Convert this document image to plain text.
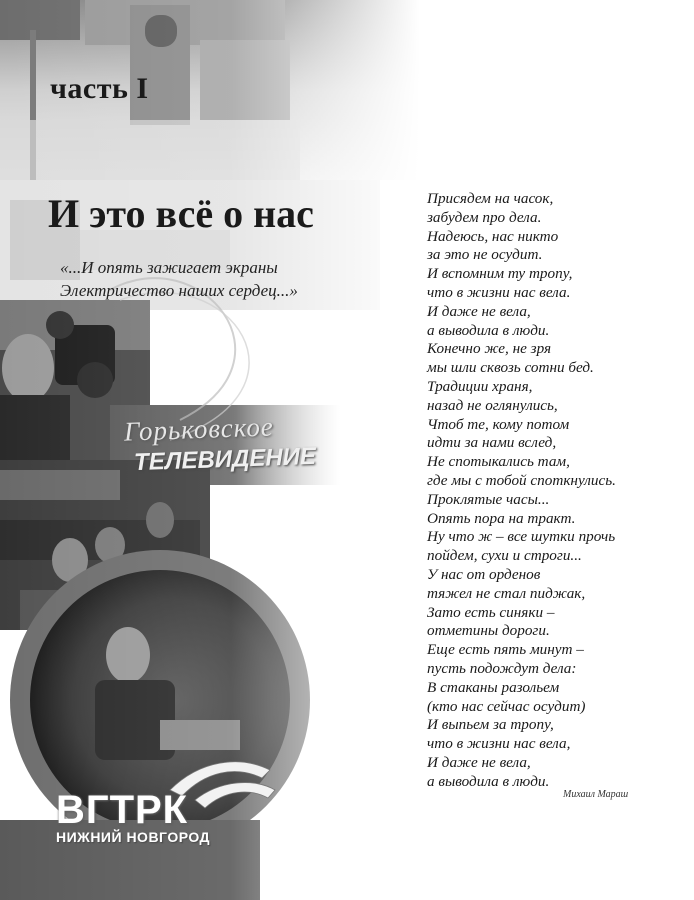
часть I
Горьковское
ТЕЛЕВИДЕНИЕ
И это всё о нас
«...И опять зажигает экраны
Электричество наших сердец...»
Присядем на часок,
забудем про дела.
Надеюсь, нас никто
за это не осудит.
И вспомним ту тропу,
что в жизни нас вела.
И даже не вела,
а выводила в люди.
Конечно же, не зря
мы шли сквозь сотни бед.
Традиции храня,
назад не оглянулись,
Чтоб те, кому потом
идти за нами вслед,
Не спотыкались там,
где мы с тобой споткнулись.
Проклятые часы...
Опять пора на тракт.
Ну что ж – все шутки прочь
пойдем, сухи и строги...
У нас от орденов
тяжел не стал пиджак,
Зато есть синяки –
отметины дороги.
Еще есть пять минут –
пусть подождут дела:
В стаканы разольем
(кто нас сейчас осудит)
И выпьем за тропу,
что в жизни нас вела,
И даже не вела,
а выводила в люди.
Михаил Мараш
ВГТРК
НИЖНИЙ НОВГОРОД
